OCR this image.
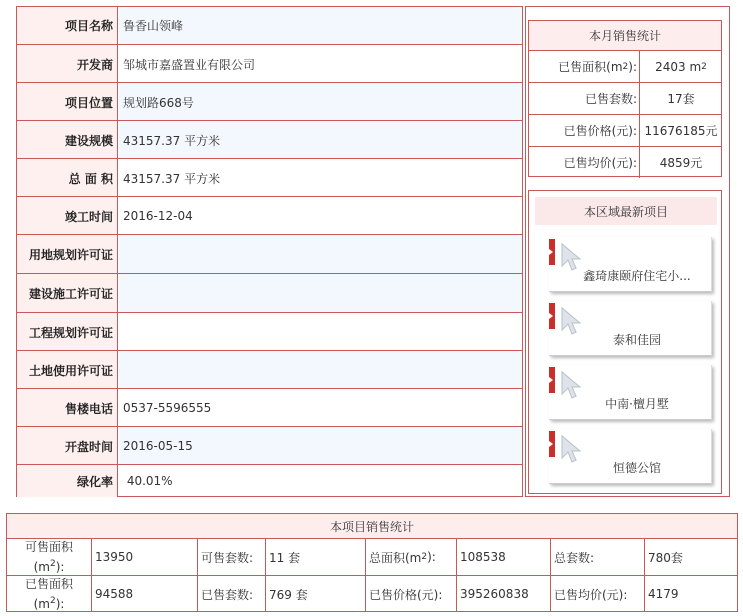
项目名称 鲁香山领峰
开发商 邹城市嘉盛置业有限公司
项目位置 规划路668号
建设规模 43157.37 平方米
总 面 积 43157.37 平方米
竣工时间 2016-12-04
用地规划许可证
建设施工许可证
工程规划许可证
土地使用许可证
售楼电话 0537-5596555
开盘时间 2016-05-15
绿化率 40.01%
本月销售统计
已售面积(m 2 ) : 2403 m 2
已售套数 :	17套
已售价格(元) : 11676185元
已售均价(元) :	4859元
本区域最新项目
鑫琦康颐府住宅小...
泰和佳园
中南·檀月墅
恒德公馆
本项目销售统计
可售面积
$(m^2)$:
13950	可售套数:	11 套	总面积(m 2 ): 108538	总套数:	780套
已售面积
$(m^2)$:
94588	已售套数:	769 套	已售价格(元):	395260838	已售均价(元):	4179
